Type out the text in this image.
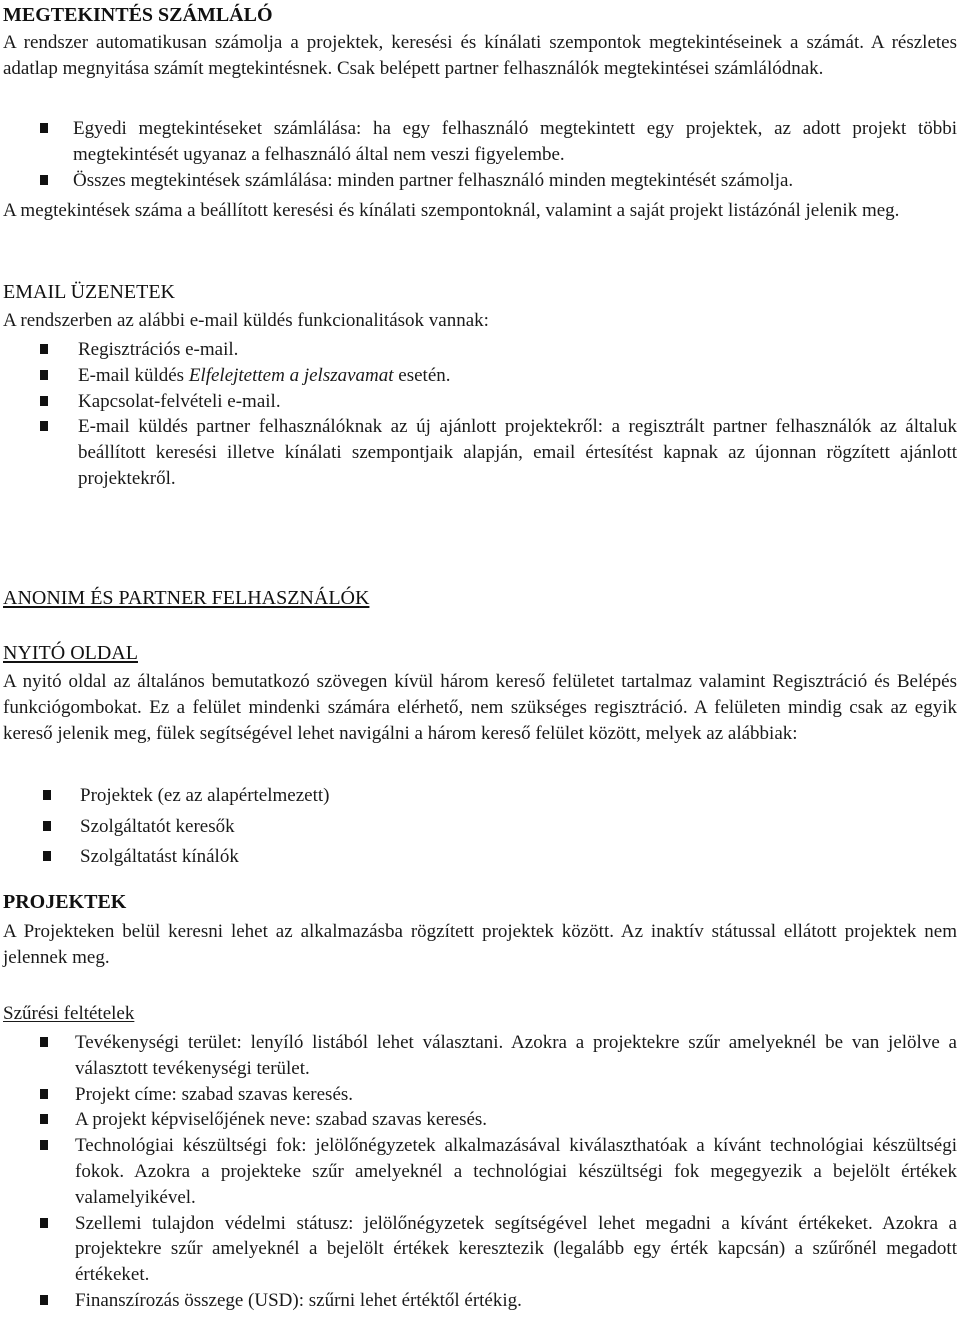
MEGTEKINTÉS SZÁMLÁLÓ

A rendszer automatikusan számolja a projektek, keresési és kínálati szempontok megtekintéseinek a számát. A részletes adatlap megnyitása számít megtekintésnek. Csak belépett partner felhasználók megtekintései számlálódnak.

Egyedi megtekintéseket számlálása: ha egy felhasználó megtekintett egy projektek, az adott projekt többi megtekintését ugyanaz a felhasználó által nem veszi figyelembe.
Összes megtekintések számlálása: minden partner felhasználó minden megtekintését számolja.

A megtekintések száma a beállított keresési és kínálati szempontoknál, valamint a saját projekt listázónál jelenik meg.

EMAIL ÜZENETEK

A rendszerben az alábbi e-mail küldés funkcionalitások vannak:

Regisztrációs e-mail.
E-mail küldés Elfelejtettem a jelszavamat esetén.
Kapcsolat-felvételi e-mail.
E-mail küldés partner felhasználóknak az új ajánlott projektekről: a regisztrált partner felhasználók az általuk beállított keresési illetve kínálati szempontjaik alapján, email értesítést kapnak az újonnan rögzített ajánlott projektekről.
ANONIM ÉS PARTNER FELHASZNÁLÓK
NYITÓ OLDAL

A nyitó oldal az általános bemutatkozó szövegen kívül három kereső felületet tartalmaz valamint Regisztráció és Belépés funkciógombokat. Ez a felület mindenki számára elérhető, nem szükséges regisztráció. A felületen mindig csak az egyik kereső jelenik meg, fülek segítségével lehet navigálni a három kereső felület között, melyek az alábbiak:

Projektek (ez az alapértelmezett)
Szolgáltatót keresők
Szolgáltatást kínálók
PROJEKTEK

A Projekteken belül keresni lehet az alkalmazásba rögzített projektek között. Az inaktív státussal ellátott projektek nem jelennek meg.

Szűrési feltételek

Tevékenységi terület: lenyíló listából lehet választani. Azokra a projektekre szűr amelyeknél be van jelölve a választott tevékenységi terület.
Projekt címe: szabad szavas keresés.
A projekt képviselőjének neve: szabad szavas keresés.
Technológiai készültségi fok: jelölőnégyzetek alkalmazásával kiválaszthatóak a kívánt technológiai készültségi fokok. Azokra a projekteke szűr amelyeknél a technológiai készültségi fok megegyezik a bejelölt értékek valamelyikével.
Szellemi tulajdon védelmi státusz: jelölőnégyzetek segítségével lehet megadni a kívánt értékeket. Azokra a projektekre szűr amelyeknél a bejelölt értékek keresztezik (legalább egy érték kapcsán) a szűrőnél megadott értékeket.
Finanszírozás összege (USD): szűrni lehet értéktől értékig.
